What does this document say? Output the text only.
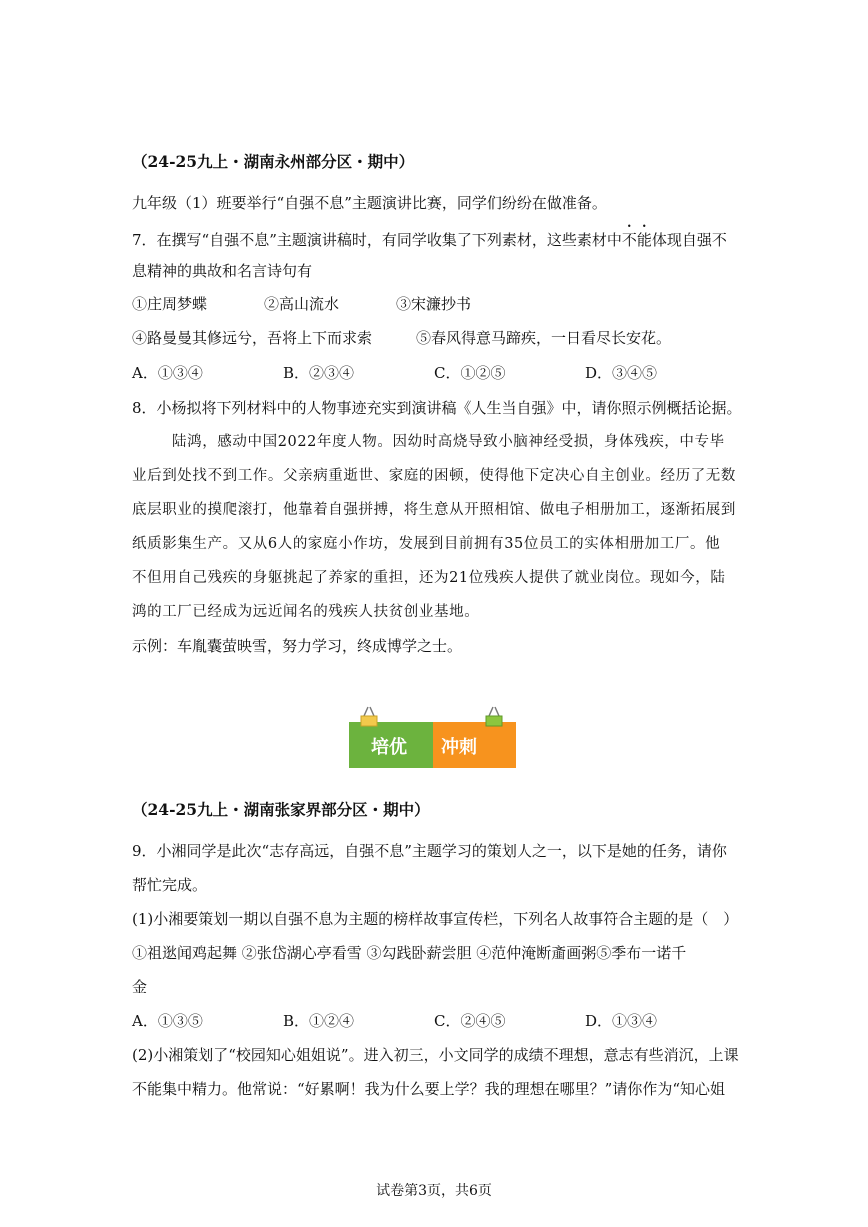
（24-25九上・湖南永州部分区・期中）
九年级（1）班要举行“自强不息”主题演讲比赛，同学们纷纷在做准备。
7．在撰写“自强不息”主题演讲稿时，有同学收集了下列素材，这些素材中不能体现自强不
息精神的典故和名言诗句有
①庄周梦蝶	②高山流水	③宋濂抄书
④路曼曼其修远兮，吾将上下而求索	⑤春风得意马蹄疾，一日看尽长安花。
A．①③④	B．②③④	C．①②⑤	D．③④⑤
8．小杨拟将下列材料中的人物事迹充实到演讲稿《人生当自强》中，请你照示例概括论据。
陆鸿，感动中国2022年度人物。因幼时高烧导致小脑神经受损，身体残疾，中专毕
业后到处找不到工作。父亲病重逝世、家庭的困顿，使得他下定决心自主创业。经历了无数
底层职业的摸爬滚打，他靠着自强拼搏，将生意从开照相馆、做电子相册加工，逐渐拓展到
纸质影集生产。又从6人的家庭小作坊，发展到目前拥有35位员工的实体相册加工厂。他
不但用自己残疾的身躯挑起了养家的重担，还为21位残疾人提供了就业岗位。现如今，陆
鸿的工厂已经成为远近闻名的残疾人扶贫创业基地。
示例：车胤囊萤映雪，努力学习，终成博学之士。
培优 冲刺
（24-25九上・湖南张家界部分区・期中）
9．小湘同学是此次“志存高远，自强不息”主题学习的策划人之一，以下是她的任务，请你
帮忙完成。
(1)小湘要策划一期以自强不息为主题的榜样故事宣传栏，下列名人故事符合主题的是（　）
①祖逖闻鸡起舞 ②张岱湖心亭看雪 ③勾践卧薪尝胆 ④范仲淹断齑画粥⑤季布一诺千
金
A．①③⑤	B．①②④	C．②④⑤	D．①③④
(2)小湘策划了“校园知心姐姐说”。进入初三，小文同学的成绩不理想，意志有些消沉，上课
不能集中精力。他常说：“好累啊！我为什么要上学？我的理想在哪里？”请你作为“知心姐
试卷第3页，共6页
